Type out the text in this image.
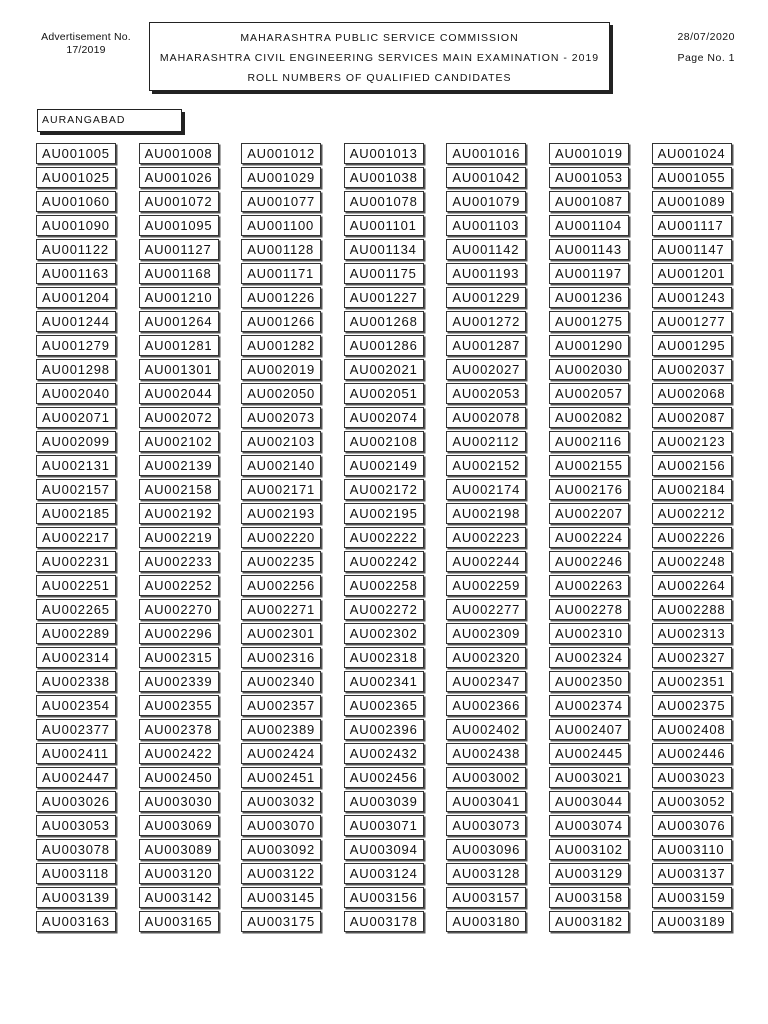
Advertisement No.
17/2019
MAHARASHTRA PUBLIC SERVICE COMMISSION
MAHARASHTRA CIVIL ENGINEERING SERVICES MAIN EXAMINATION - 2019
ROLL NUMBERS OF QUALIFIED CANDIDATES
28/07/2020
Page No. 1
AURANGABAD
AU001005	AU001008	AU001012	AU001013	AU001016	AU001019	AU001024
AU001025	AU001026	AU001029	AU001038	AU001042	AU001053	AU001055
AU001060	AU001072	AU001077	AU001078	AU001079	AU001087	AU001089
AU001090	AU001095	AU001100	AU001101	AU001103	AU001104	AU001117
AU001122	AU001127	AU001128	AU001134	AU001142	AU001143	AU001147
AU001163	AU001168	AU001171	AU001175	AU001193	AU001197	AU001201
AU001204	AU001210	AU001226	AU001227	AU001229	AU001236	AU001243
AU001244	AU001264	AU001266	AU001268	AU001272	AU001275	AU001277
AU001279	AU001281	AU001282	AU001286	AU001287	AU001290	AU001295
AU001298	AU001301	AU002019	AU002021	AU002027	AU002030	AU002037
AU002040	AU002044	AU002050	AU002051	AU002053	AU002057	AU002068
AU002071	AU002072	AU002073	AU002074	AU002078	AU002082	AU002087
AU002099	AU002102	AU002103	AU002108	AU002112	AU002116	AU002123
AU002131	AU002139	AU002140	AU002149	AU002152	AU002155	AU002156
AU002157	AU002158	AU002171	AU002172	AU002174	AU002176	AU002184
AU002185	AU002192	AU002193	AU002195	AU002198	AU002207	AU002212
AU002217	AU002219	AU002220	AU002222	AU002223	AU002224	AU002226
AU002231	AU002233	AU002235	AU002242	AU002244	AU002246	AU002248
AU002251	AU002252	AU002256	AU002258	AU002259	AU002263	AU002264
AU002265	AU002270	AU002271	AU002272	AU002277	AU002278	AU002288
AU002289	AU002296	AU002301	AU002302	AU002309	AU002310	AU002313
AU002314	AU002315	AU002316	AU002318	AU002320	AU002324	AU002327
AU002338	AU002339	AU002340	AU002341	AU002347	AU002350	AU002351
AU002354	AU002355	AU002357	AU002365	AU002366	AU002374	AU002375
AU002377	AU002378	AU002389	AU002396	AU002402	AU002407	AU002408
AU002411	AU002422	AU002424	AU002432	AU002438	AU002445	AU002446
AU002447	AU002450	AU002451	AU002456	AU003002	AU003021	AU003023
AU003026	AU003030	AU003032	AU003039	AU003041	AU003044	AU003052
AU003053	AU003069	AU003070	AU003071	AU003073	AU003074	AU003076
AU003078	AU003089	AU003092	AU003094	AU003096	AU003102	AU003110
AU003118	AU003120	AU003122	AU003124	AU003128	AU003129	AU003137
AU003139	AU003142	AU003145	AU003156	AU003157	AU003158	AU003159
AU003163	AU003165	AU003175	AU003178	AU003180	AU003182	AU003189
